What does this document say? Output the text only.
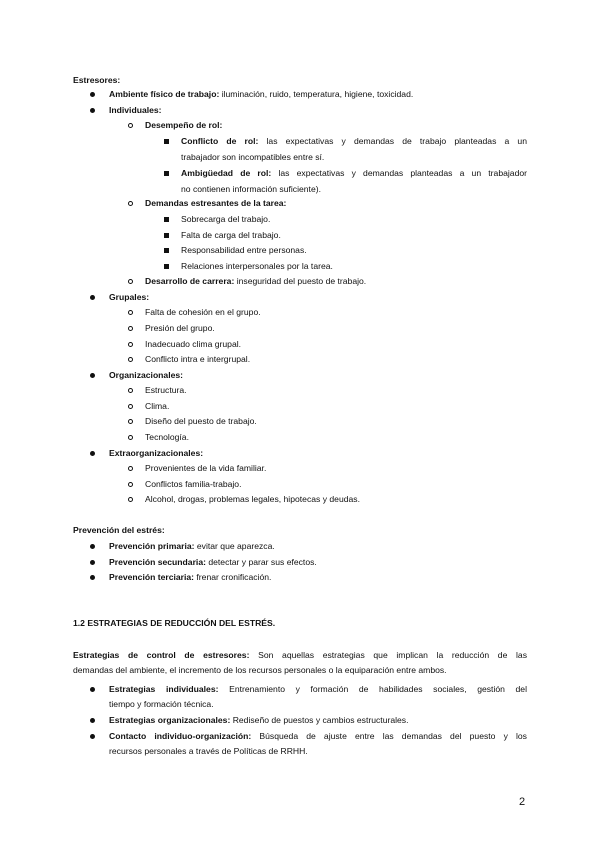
Estresores:
Ambiente físico de trabajo: iluminación, ruido, temperatura, higiene, toxicidad.
Individuales:
Desempeño de rol:
Conflicto de rol: las expectativas y demandas de trabajo planteadas a un
trabajador son incompatibles entre sí.
Ambigüedad de rol: las expectativas y demandas planteadas a un trabajador
no contienen información suficiente).
Demandas estresantes de la tarea:
Sobrecarga del trabajo.
Falta de carga del trabajo.
Responsabilidad entre personas.
Relaciones interpersonales por la tarea.
Desarrollo de carrera: inseguridad del puesto de trabajo.
Grupales:
Falta de cohesión en el grupo.
Presión del grupo.
Inadecuado clima grupal.
Conflicto intra e intergrupal.
Organizacionales:
Estructura.
Clima.
Diseño del puesto de trabajo.
Tecnología.
Extraorganizacionales:
Provenientes de la vida familiar.
Conflictos familia-trabajo.
Alcohol, drogas, problemas legales, hipotecas y deudas.
Prevención del estrés:
Prevención primaria: evitar que aparezca.
Prevención secundaria: detectar y parar sus efectos.
Prevención terciaria: frenar cronificación.
1.2 ESTRATEGIAS DE REDUCCIÓN DEL ESTRÉS.
Estrategias de control de estresores: Son aquellas estrategias que implican la reducción de las
demandas del ambiente, el incremento de los recursos personales o la equiparación entre ambos.
Estrategias individuales: Entrenamiento y formación de habilidades sociales, gestión del
tiempo y formación técnica.
Estrategias organizacionales: Rediseño de puestos y cambios estructurales.
Contacto individuo-organización: Búsqueda de ajuste entre las demandas del puesto y los
recursos personales a través de Políticas de RRHH.
2
